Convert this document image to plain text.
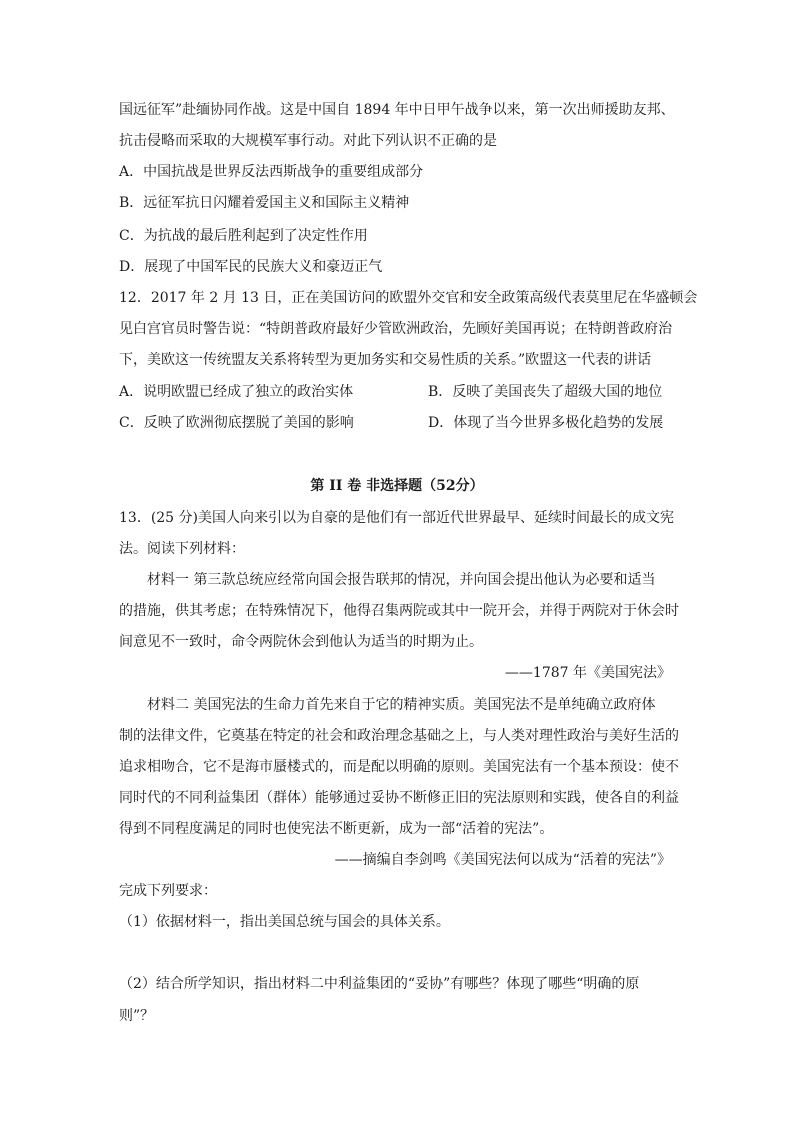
国远征军”赴缅协同作战。这是中国自 1894 年中日甲午战争以来，第一次出师援助友邦、
抗击侵略而采取的大规模军事行动。对此下列认识不正确的是
A．中国抗战是世界反法西斯战争的重要组成部分
B．远征军抗日闪耀着爱国主义和国际主义精神
C．为抗战的最后胜利起到了决定性作用
D．展现了中国军民的民族大义和豪迈正气
12．2017 年 2 月 13 日，正在美国访问的欧盟外交官和安全政策高级代表莫里尼在华盛顿会
见白宫官员时警告说：“特朗普政府最好少管欧洲政治，先顾好美国再说；在特朗普政府治
下，美欧这一传统盟友关系将转型为更加务实和交易性质的关系。”欧盟这一代表的讲话
A．说明欧盟已经成了独立的政治实体	B．反映了美国丧失了超级大国的地位
C．反映了欧洲彻底摆脱了美国的影响	D．体现了当今世界多极化趋势的发展
第 II 卷 非选择题（52分）
13．(25 分)美国人向来引以为自豪的是他们有一部近代世界最早、延续时间最长的成文宪
法。阅读下列材料：
材料一 第三款总统应经常向国会报告联邦的情况，并向国会提出他认为必要和适当
的措施，供其考虑；在特殊情况下，他得召集两院或其中一院开会，并得于两院对于休会时
间意见不一致时，命令两院休会到他认为适当的时期为止。
——1787 年《美国宪法》
材料二 美国宪法的生命力首先来自于它的精神实质。美国宪法不是单纯确立政府体
制的法律文件，它奠基在特定的社会和政治理念基础之上，与人类对理性政治与美好生活的
追求相吻合，它不是海市蜃楼式的，而是配以明确的原则。美国宪法有一个基本预设：使不
同时代的不同利益集团（群体）能够通过妥协不断修正旧的宪法原则和实践，使各自的利益
得到不同程度满足的同时也使宪法不断更新，成为一部“活着的宪法”。
——摘编自李剑鸣《美国宪法何以成为“活着的宪法”》
完成下列要求：
（1）依据材料一，指出美国总统与国会的具体关系。
（2）结合所学知识，指出材料二中利益集团的“妥协”有哪些？体现了哪些“明确的原
则”？
